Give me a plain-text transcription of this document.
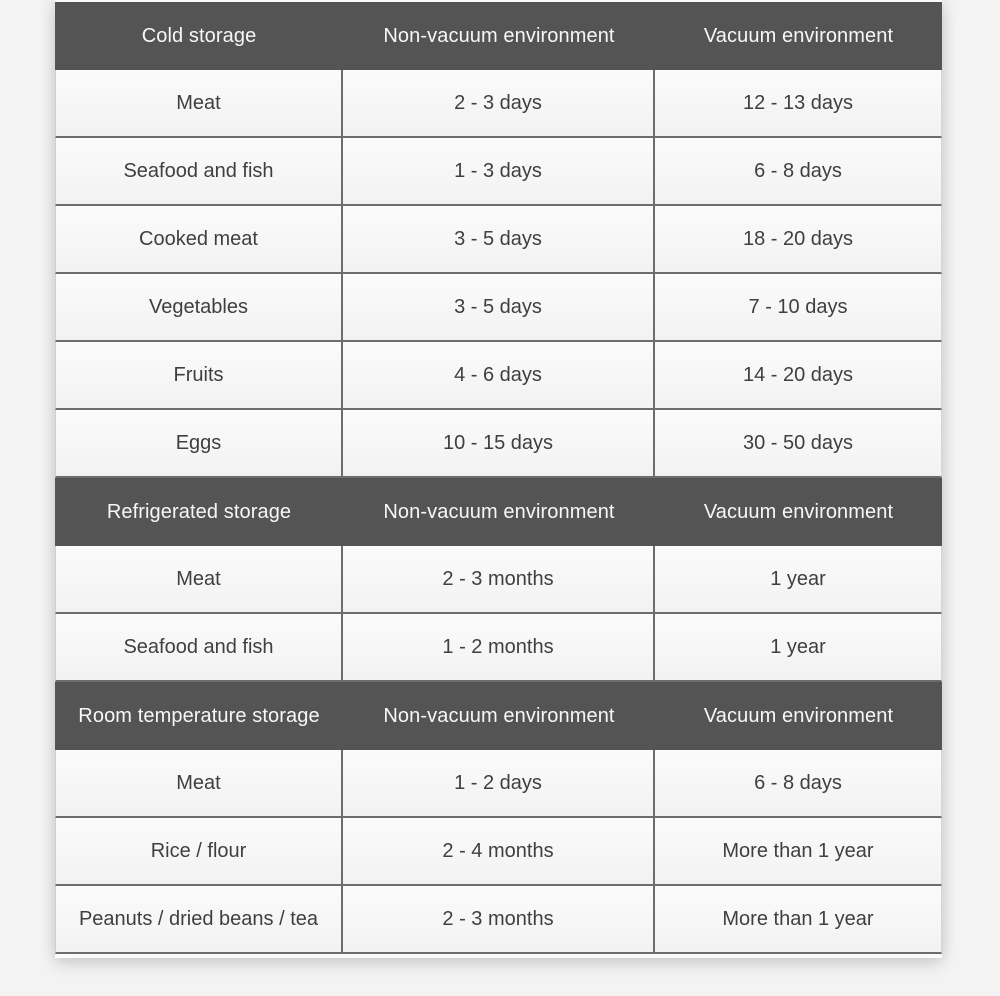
Cold storage	Non-vacuum environment	Vacuum environment
Meat	2 - 3 days	12 - 13 days
Seafood and fish	1 - 3 days	6 - 8 days
Cooked meat	3 - 5 days	18 - 20 days
Vegetables	3 - 5 days	7 - 10 days
Fruits	4 - 6 days	14 - 20 days
Eggs	10 - 15 days	30 - 50 days
Refrigerated storage	Non-vacuum environment	Vacuum environment
Meat	2 - 3 months	1 year
Seafood and fish	1 - 2 months	1 year
Room temperature storage	Non-vacuum environment	Vacuum environment
Meat	1 - 2 days	6 - 8 days
Rice / flour	2 - 4 months	More than 1 year
Peanuts / dried beans / tea	2 - 3 months	More than 1 year
